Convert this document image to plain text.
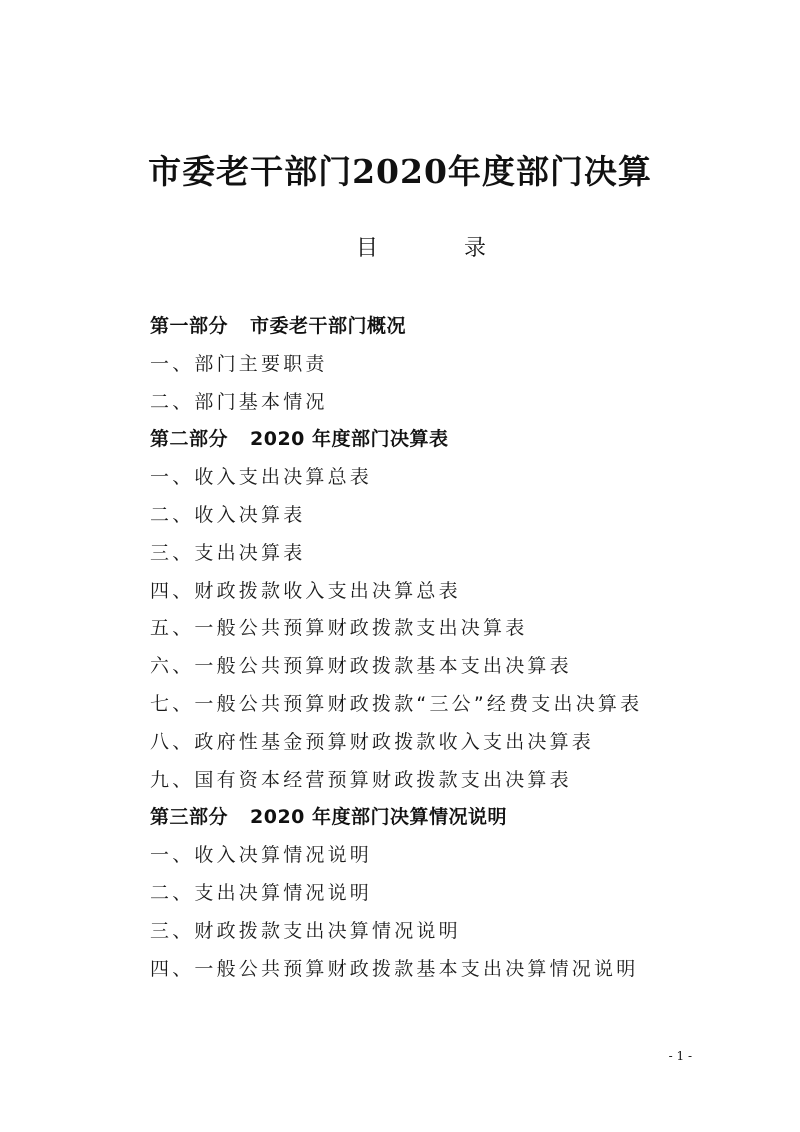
市委老干部门2020年度部门决算
目	录
第一部分 市委老干部门概况
一、部门主要职责
二、部门基本情况
第二部分 2020 年度部门决算表
一、收入支出决算总表
二、收入决算表
三、支出决算表
四、财政拨款收入支出决算总表
五、一般公共预算财政拨款支出决算表
六、一般公共预算财政拨款基本支出决算表
七、一般公共预算财政拨款“三公”经费支出决算表
八、政府性基金预算财政拨款收入支出决算表
九、国有资本经营预算财政拨款支出决算表
第三部分 2020 年度部门决算情况说明
一、收入决算情况说明
二、支出决算情况说明
三、财政拨款支出决算情况说明
四、一般公共预算财政拨款基本支出决算情况说明
- 1 -
